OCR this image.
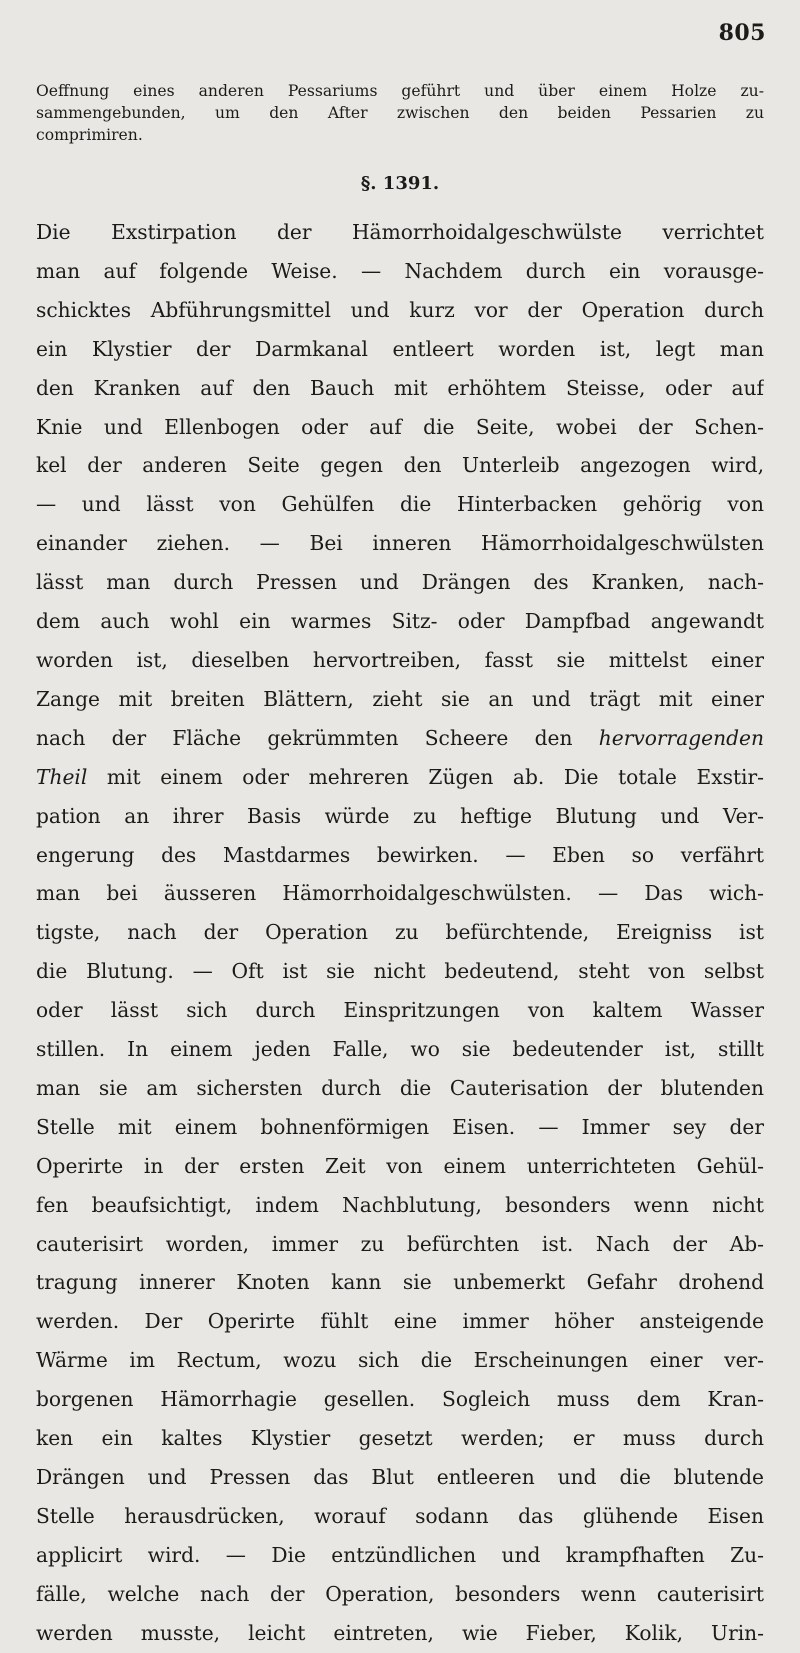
805
Oeffnung eines anderen Pessariums geführt und über einem Holze zu-
sammengebunden, um den After zwischen den beiden Pessarien zu
comprimiren.
§. 1391.
Die Exstirpation der Hämorrhoidalgeschwülste verrichtet
man auf folgende Weise. — Nachdem durch ein vorausge-
schicktes Abführungsmittel und kurz vor der Operation durch
ein Klystier der Darmkanal entleert worden ist, legt man
den Kranken auf den Bauch mit erhöhtem Steisse, oder auf
Knie und Ellenbogen oder auf die Seite, wobei der Schen-
kel der anderen Seite gegen den Unterleib angezogen wird,
— und lässt von Gehülfen die Hinterbacken gehörig von
einander ziehen. — Bei inneren Hämorrhoidalgeschwülsten
lässt man durch Pressen und Drängen des Kranken, nach-
dem auch wohl ein warmes Sitz- oder Dampfbad angewandt
worden ist, dieselben hervortreiben, fasst sie mittelst einer
Zange mit breiten Blättern, zieht sie an und trägt mit einer
nach der Fläche gekrümmten Scheere den hervorragenden
Theil mit einem oder mehreren Zügen ab. Die totale Exstir-
pation an ihrer Basis würde zu heftige Blutung und Ver-
engerung des Mastdarmes bewirken. — Eben so verfährt
man bei äusseren Hämorrhoidalgeschwülsten. — Das wich-
tigste, nach der Operation zu befürchtende, Ereigniss ist
die Blutung. — Oft ist sie nicht bedeutend, steht von selbst
oder lässt sich durch Einspritzungen von kaltem Wasser
stillen. In einem jeden Falle, wo sie bedeutender ist, stillt
man sie am sichersten durch die Cauterisation der blutenden
Stelle mit einem bohnenförmigen Eisen. — Immer sey der
Operirte in der ersten Zeit von einem unterrichteten Gehül-
fen beaufsichtigt, indem Nachblutung, besonders wenn nicht
cauterisirt worden, immer zu befürchten ist. Nach der Ab-
tragung innerer Knoten kann sie unbemerkt Gefahr drohend
werden. Der Operirte fühlt eine immer höher ansteigende
Wärme im Rectum, wozu sich die Erscheinungen einer ver-
borgenen Hämorrhagie gesellen. Sogleich muss dem Kran-
ken ein kaltes Klystier gesetzt werden; er muss durch
Drängen und Pressen das Blut entleeren und die blutende
Stelle herausdrücken, worauf sodann das glühende Eisen
applicirt wird. — Die entzündlichen und krampfhaften Zu-
fälle, welche nach der Operation, besonders wenn cauterisirt
werden musste, leicht eintreten, wie Fieber, Kolik, Urin-
